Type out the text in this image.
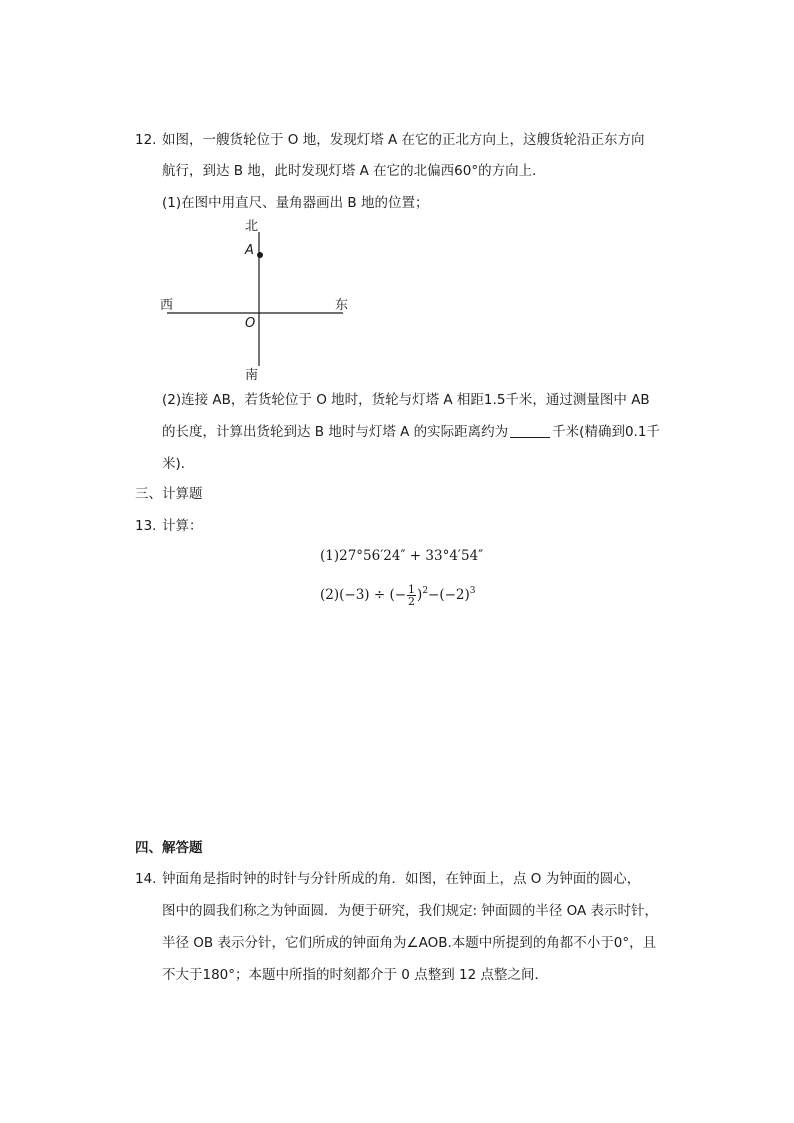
12. 如图，一艘货轮位于 O 地，发现灯塔 A 在它的正北方向上，这艘货轮沿正东方向
航行，到达 B 地，此时发现灯塔 A 在它的北偏西60°的方向上．
(1)在图中用直尺、量角器画出 B 地的位置；
北
A
西	东
O
南
(2)连接 AB，若货轮位于 O 地时，货轮与灯塔 A 相距1.5千米，通过测量图中 AB
的长度，计算出货轮到达 B 地时与灯塔 A 的实际距离约为	千米(精确到0.1千
米)．
三、计算题
13. 计算：
(1)27°56′24″ + 33°4′54″
(2)(−3) ÷ (− $\frac{1}{2} )^2-(-2)^3$
四、解答题
14. 钟面角是指时钟的时针与分针所成的角．如图，在钟面上，点 O 为钟面的圆心，
图中的圆我们称之为钟面圆．为便于研究，我们规定: 钟面圆的半径 OA 表示时针，
半径 OB 表示分针，它们所成的钟面角为∠AOB.本题中所提到的角都不小于0°，且
不大于180°；本题中所指的时刻都介于 0 点整到 12 点整之间．
